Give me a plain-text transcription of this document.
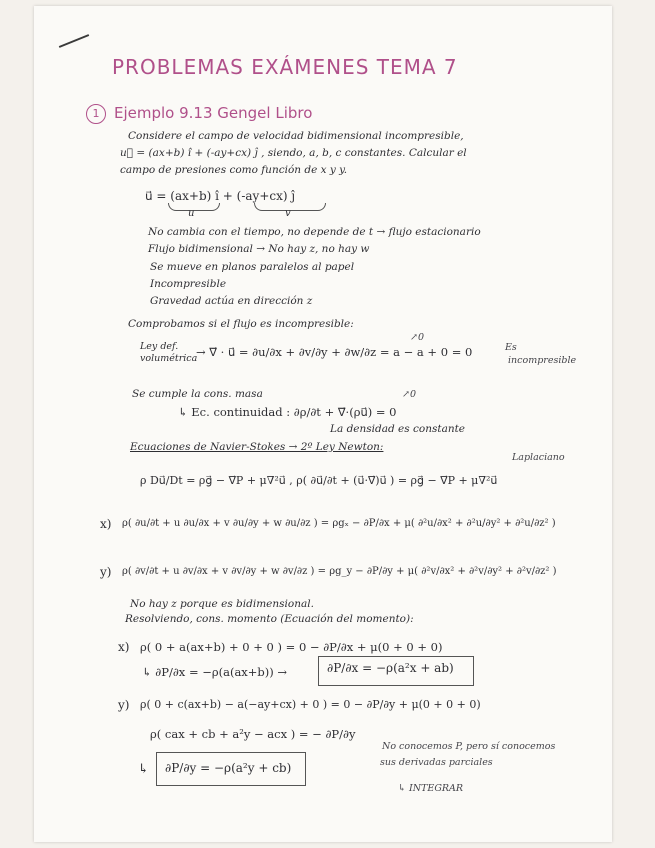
PROBLEMAS EXÁMENES TEMA 7
1 Ejemplo 9.13 Gengel Libro
Considere el campo de velocidad bidimensional incompresible,
u⃗ = (ax+b) î + (-ay+cx) ĵ , siendo, a, b, c constantes. Calcular el
campo de presiones como función de x y y.
u⃗ = (ax+b) î + (-ay+cx) ĵ
u	v
No cambia con el tiempo, no depende de t → flujo estacionario
Flujo bidimensional → No hay z, no hay w
Se mueve en planos paralelos al papel
Incompresible
Gravedad actúa en dirección z
Comprobamos si el flujo es incompresible:
Ley def.
volumétrica
→ ∇⃗ · u⃗ = ∂u/∂x + ∂v/∂y + ∂w/∂z = a − a + 0 = 0
↗0
Es
incompresible
Se cumple la cons. masa
↳ Ec. continuidad : ∂ρ/∂t + ∇⃗·(ρu⃗) = 0
↗0
La densidad es constante
Ecuaciones de Navier-Stokes → 2º Ley Newton:
Laplaciano
ρ Du⃗/Dt = ρg⃗ − ∇⃗P + μ∇²u⃗ , ρ( ∂u⃗/∂t + (u⃗·∇⃗)u⃗ ) = ρg⃗ − ∇⃗P + μ∇²u⃗
x) ρ( ∂u/∂t + u ∂u/∂x + v ∂u/∂y + w ∂u/∂z ) = ρgₓ − ∂P/∂x + μ( ∂²u/∂x² + ∂²u/∂y² + ∂²u/∂z² )
y) ρ( ∂v/∂t + u ∂v/∂x + v ∂v/∂y + w ∂v/∂z ) = ρg_y − ∂P/∂y + μ( ∂²v/∂x² + ∂²v/∂y² + ∂²v/∂z² )
No hay z porque es bidimensional.
Resolviendo, cons. momento (Ecuación del momento):
x) ρ( 0 + a(ax+b) + 0 + 0 ) = 0 − ∂P/∂x + μ(0 + 0 + 0)
↳ ∂P/∂x = −ρ(a(ax+b)) →	∂P/∂x = −ρ(a²x + ab)
y) ρ( 0 + c(ax+b) − a(−ay+cx) + 0 ) = 0 − ∂P/∂y + μ(0 + 0 + 0)
ρ( cax + cb + a²y − acx ) = − ∂P/∂y
↳	∂P/∂y = −ρ(a²y + cb)
No conocemos P, pero sí conocemos
sus derivadas parciales
↳ INTEGRAR
